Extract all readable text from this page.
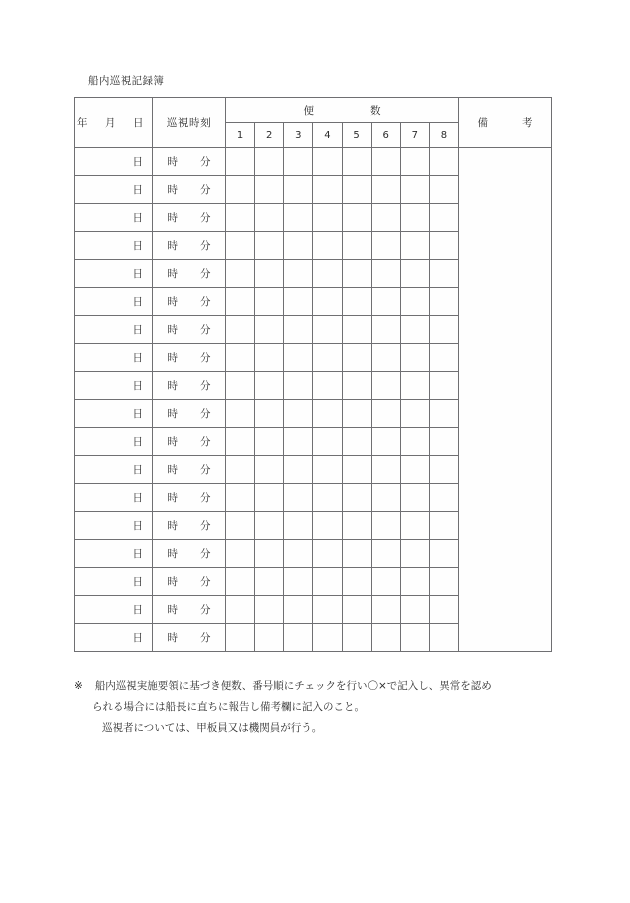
船内巡視記録簿
年　月　日	巡視時刻	便 数								備 考

		1	2	3	4	5	6	7	8	
日	時 分									

日	時 分									

日	時 分									

日	時 分									

日	時 分									

日	時 分									

日	時 分									

日	時 分									

日	時 分									

日	時 分									

日	時 分									

日	時 分									

日	時 分									

日	時 分									

日	時 分									

日	時 分									

日	時 分									

日	時 分									

※ 船内巡視実施要領に基づき便数、番号順にチェックを行い〇×で記入し、異常を認め
られる場合には船長に直ちに報告し備考欄に記入のこと。
巡視者については、甲板員又は機関員が行う。
